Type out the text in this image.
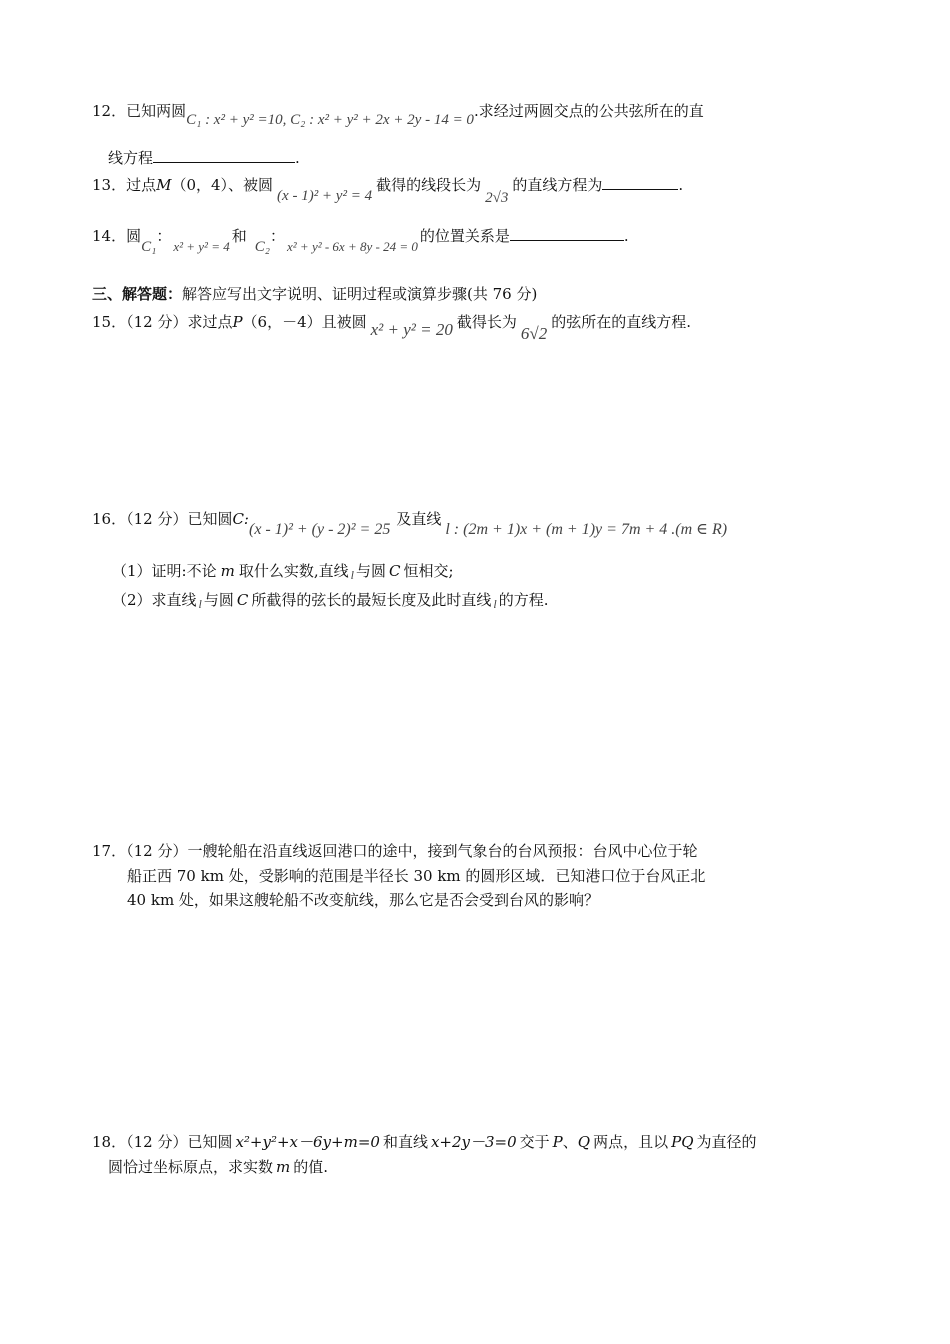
12．已知两圆C₁ : x² + y² =10, C₂ : x² + y² + 2x + 2y - 14 = 0.求经过两圆交点的公共弦所在的直
线方程	.
13．过点M（0，4）、被圆(x - 1)² + y² = 4截得的线段长为2√3的直线方程为	.
14．圆C₁：x² + y² = 4和C₂：x² + y² - 6x + 8y - 24 = 0的位置关系是	.
三、解答题：解答应写出文字说明、证明过程或演算步骤(共 76 分)
15．（12 分）求过点P（6，－4）且被圆 x² + y² = 20 截得长为6√2的弦所在的直线方程.
16．（12 分）已知圆C:(x - 1)² + (y - 2)² = 25及直线l : (2m + 1)x + (m + 1)y = 7m + 4 .(m ∈ R)
（1）证明:不论 m 取什么实数,直线 $_l$ 与圆 C 恒相交;
（2）求直线 $_l$ 与圆 C 所截得的弦长的最短长度及此时直线 $_l$ 的方程.
17．（12 分）一艘轮船在沿直线返回港口的途中，接到气象台的台风预报：台风中心位于轮
船正西 70 km 处，受影响的范围是半径长 30 km 的圆形区域．已知港口位于台风正北
40 km 处，如果这艘轮船不改变航线，那么它是否会受到台风的影响？
18．（12 分）已知圆 x²+y²+x－6y+m=0 和直线 x+2y－3=0 交于 P、Q 两点，且以 PQ 为直径的
圆恰过坐标原点，求实数 m 的值.
